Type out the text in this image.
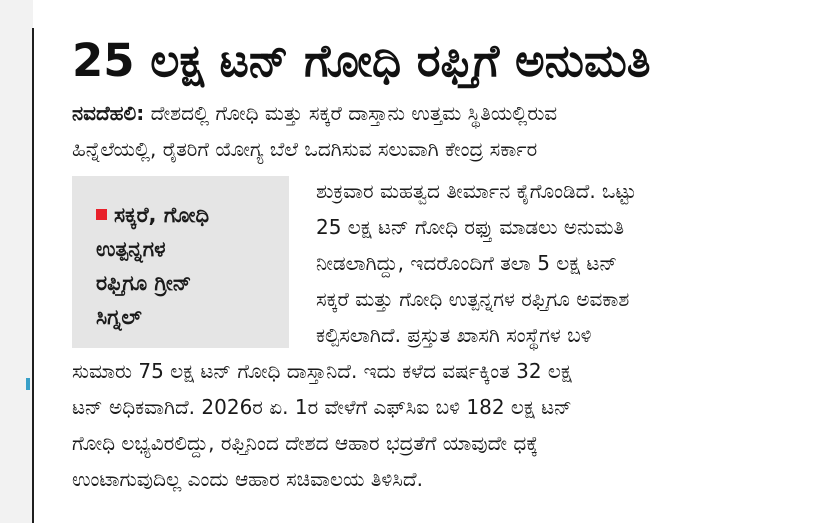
25 ಲಕ್ಷ ಟನ್ ಗೋಧಿ ರಫ್ತಿಗೆ ಅನುಮತಿ

ನವದೆಹಲಿ: ದೇಶದಲ್ಲಿ ಗೋಧಿ ಮತ್ತು ಸಕ್ಕರೆ ದಾಸ್ತಾನು ಉತ್ತಮ ಸ್ಥಿತಿಯಲ್ಲಿರುವ

ಹಿನ್ನೆಲೆಯಲ್ಲಿ, ರೈತರಿಗೆ ಯೋಗ್ಯ ಬೆಲೆ ಒದಗಿಸುವ ಸಲುವಾಗಿ ಕೇಂದ್ರ ಸರ್ಕಾರ

ಸಕ್ಕರೆ, ಗೋಧಿ
ಉತ್ಪನ್ನಗಳ
ರಫ್ತಿಗೂ ಗ್ರೀನ್
ಸಿಗ್ನಲ್

ಶುಕ್ರವಾರ ಮಹತ್ವದ ತೀರ್ಮಾನ ಕೈಗೊಂಡಿದೆ. ಒಟ್ಟು

25 ಲಕ್ಷ ಟನ್ ಗೋಧಿ ರಫ್ತು ಮಾಡಲು ಅನುಮತಿ

ನೀಡಲಾಗಿದ್ದು, ಇದರೊಂದಿಗೆ ತಲಾ 5 ಲಕ್ಷ ಟನ್

ಸಕ್ಕರೆ ಮತ್ತು ಗೋಧಿ ಉತ್ಪನ್ನಗಳ ರಫ್ತಿಗೂ ಅವಕಾಶ

ಕಲ್ಪಿಸಲಾಗಿದೆ. ಪ್ರಸ್ತುತ ಖಾಸಗಿ ಸಂಸ್ಥೆಗಳ ಬಳಿ

ಸುಮಾರು 75 ಲಕ್ಷ ಟನ್ ಗೋಧಿ ದಾಸ್ತಾನಿದೆ. ಇದು ಕಳೆದ ವರ್ಷಕ್ಕಿಂತ 32 ಲಕ್ಷ

ಟನ್ ಅಧಿಕವಾಗಿದೆ. 2026ರ ಏ. 1ರ ವೇಳೆಗೆ ಎಫ್‌ಸಿಐ ಬಳಿ 182 ಲಕ್ಷ ಟನ್

ಗೋಧಿ ಲಭ್ಯವಿರಲಿದ್ದು, ರಫ್ತಿನಿಂದ ದೇಶದ ಆಹಾರ ಭದ್ರತೆಗೆ ಯಾವುದೇ ಧಕ್ಕೆ

ಉಂಟಾಗುವುದಿಲ್ಲ ಎಂದು ಆಹಾರ ಸಚಿವಾಲಯ ತಿಳಿಸಿದೆ.
